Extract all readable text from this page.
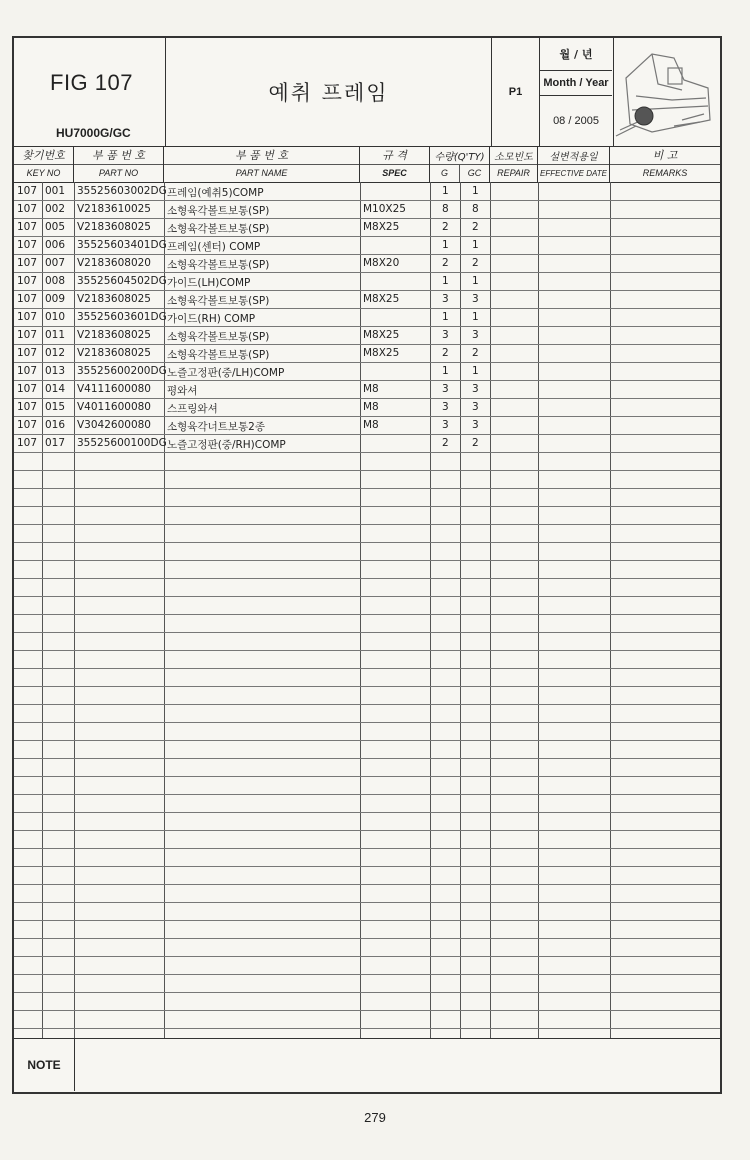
FIG 107
HU7000G/GC
예취 프레임	P1
월 / 년
Month / Year
08 / 2005
찾기번호
KEY NO
부 품 번 호
PART NO
부 품 번 호
PART NAME
규 격
SPEC
수량(Q'TY)
G	GC
소모빈도
REPAIR
설변적용일
EFFECTIVE DATE
비 고
REMARKS
107 001 35525603002DG 프레임(예취5)COMP	1 1
107 002 V2183610025 소형육각볼트보통(SP)	M10X25	8 8
107 005 V2183608025 소형육각볼트보통(SP)	M8X25	2 2
107 006 35525603401DG 프레임(센터) COMP	1 1
107 007 V2183608020 소형육각볼트보통(SP)	M8X20	2 2
107 008 35525604502DG 가이드(LH)COMP	1 1
107 009 V2183608025 소형육각볼트보통(SP)	M8X25	3 3
107 010 35525603601DG 가이드(RH) COMP	1 1
107 011 V2183608025 소형육각볼트보통(SP)	M8X25	3 3
107 012 V2183608025 소형육각볼트보통(SP)	M8X25	2 2
107 013 35525600200DG 노즐고정판(중/LH)COMP	1 1
107 014 V4111600080 평와셔	M8	3 3
107 015 V4011600080 스프링와셔	M8	3 3
107 016 V3042600080 소형육각너트보통2종	M8	3 3
107 017 35525600100DG 노즐고정판(중/RH)COMP	2 2
NOTE
279
